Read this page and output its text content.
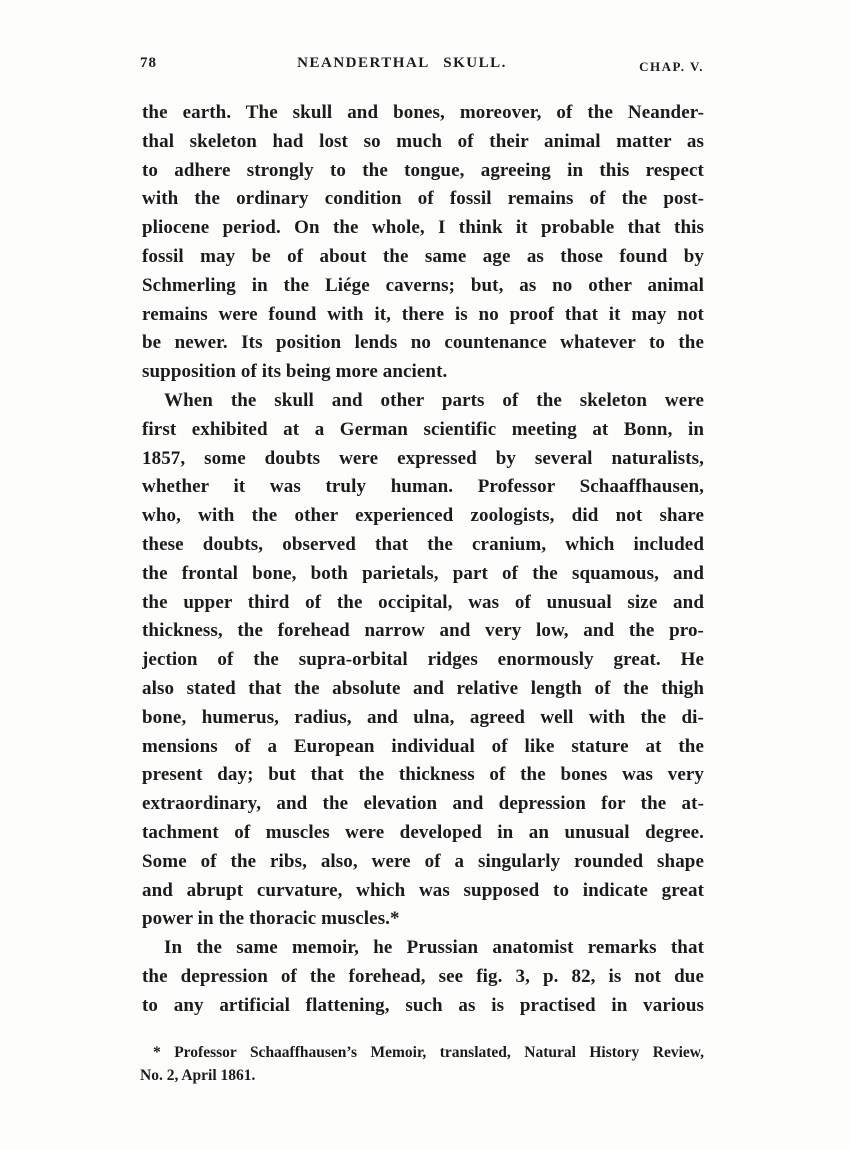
78	NEANDERTHAL SKULL.	CHAP. V.
the earth. The skull and bones, moreover, of the Neander-
thal skeleton had lost so much of their animal matter as
to adhere strongly to the tongue, agreeing in this respect
with the ordinary condition of fossil remains of the post-
pliocene period. On the whole, I think it probable that this
fossil may be of about the same age as those found by
Schmerling in the Liége caverns; but, as no other animal
remains were found with it, there is no proof that it may not
be newer. Its position lends no countenance whatever to the
supposition of its being more ancient.
When the skull and other parts of the skeleton were
first exhibited at a German scientific meeting at Bonn, in
1857, some doubts were expressed by several naturalists,
whether it was truly human. Professor Schaaffhausen,
who, with the other experienced zoologists, did not share
these doubts, observed that the cranium, which included
the frontal bone, both parietals, part of the squamous, and
the upper third of the occipital, was of unusual size and
thickness, the forehead narrow and very low, and the pro-
jection of the supra-orbital ridges enormously great. He
also stated that the absolute and relative length of the thigh
bone, humerus, radius, and ulna, agreed well with the di-
mensions of a European individual of like stature at the
present day; but that the thickness of the bones was very
extraordinary, and the elevation and depression for the at-
tachment of muscles were developed in an unusual degree.
Some of the ribs, also, were of a singularly rounded shape
and abrupt curvature, which was supposed to indicate great
power in the thoracic muscles.*
In the same memoir, he Prussian anatomist remarks that
the depression of the forehead, see fig. 3, p. 82, is not due
to any artificial flattening, such as is practised in various
* Professor Schaaffhausen’s Memoir, translated, Natural History Review,
No. 2, April 1861.
